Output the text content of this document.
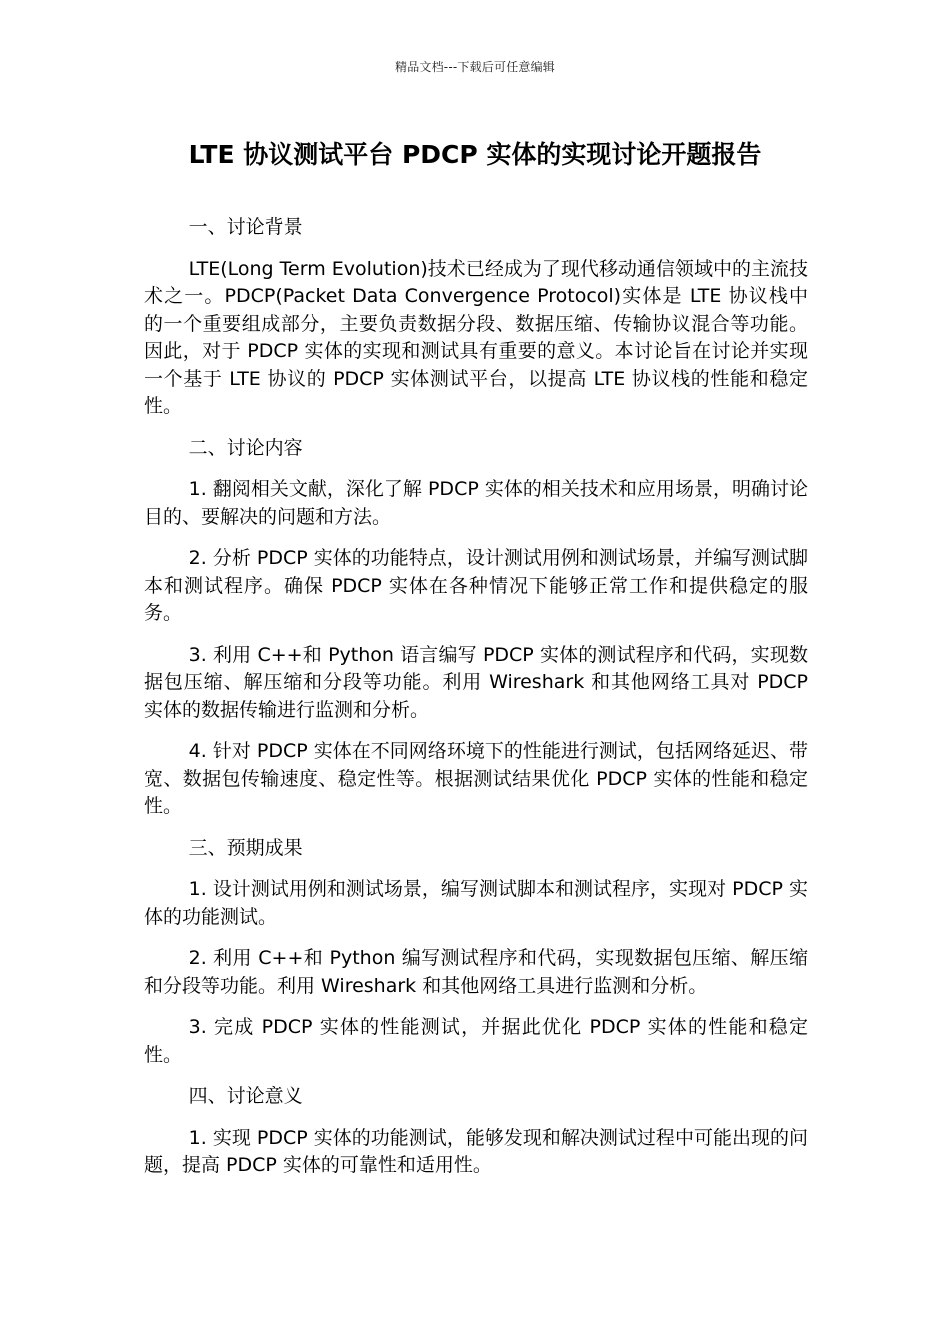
精品文档---下载后可任意编辑
LTE 协议测试平台 PDCP 实体的实现讨论开题报告

一、讨论背景

LTE(Long Term Evolution)技术已经成为了现代移动通信领域中的主流技术之一。PDCP(Packet Data Convergence Protocol)实体是 LTE 协议栈中的一个重要组成部分，主要负责数据分段、数据压缩、传输协议混合等功能。因此，对于 PDCP 实体的实现和测试具有重要的意义。本讨论旨在讨论并实现一个基于 LTE 协议的 PDCP 实体测试平台，以提高 LTE 协议栈的性能和稳定性。

二、讨论内容

1. 翻阅相关文献，深化了解 PDCP 实体的相关技术和应用场景，明确讨论目的、要解决的问题和方法。

2. 分析 PDCP 实体的功能特点，设计测试用例和测试场景，并编写测试脚本和测试程序。确保 PDCP 实体在各种情况下能够正常工作和提供稳定的服务。

3. 利用 C++和 Python 语言编写 PDCP 实体的测试程序和代码，实现数据包压缩、解压缩和分段等功能。利用 Wireshark 和其他网络工具对 PDCP 实体的数据传输进行监测和分析。

4. 针对 PDCP 实体在不同网络环境下的性能进行测试，包括网络延迟、带宽、数据包传输速度、稳定性等。根据测试结果优化 PDCP 实体的性能和稳定性。

三、预期成果

1. 设计测试用例和测试场景，编写测试脚本和测试程序，实现对 PDCP 实体的功能测试。

2. 利用 C++和 Python 编写测试程序和代码，实现数据包压缩、解压缩和分段等功能。利用 Wireshark 和其他网络工具进行监测和分析。

3. 完成 PDCP 实体的性能测试，并据此优化 PDCP 实体的性能和稳定性。

四、讨论意义

1. 实现 PDCP 实体的功能测试，能够发现和解决测试过程中可能出现的问题，提高 PDCP 实体的可靠性和适用性。
